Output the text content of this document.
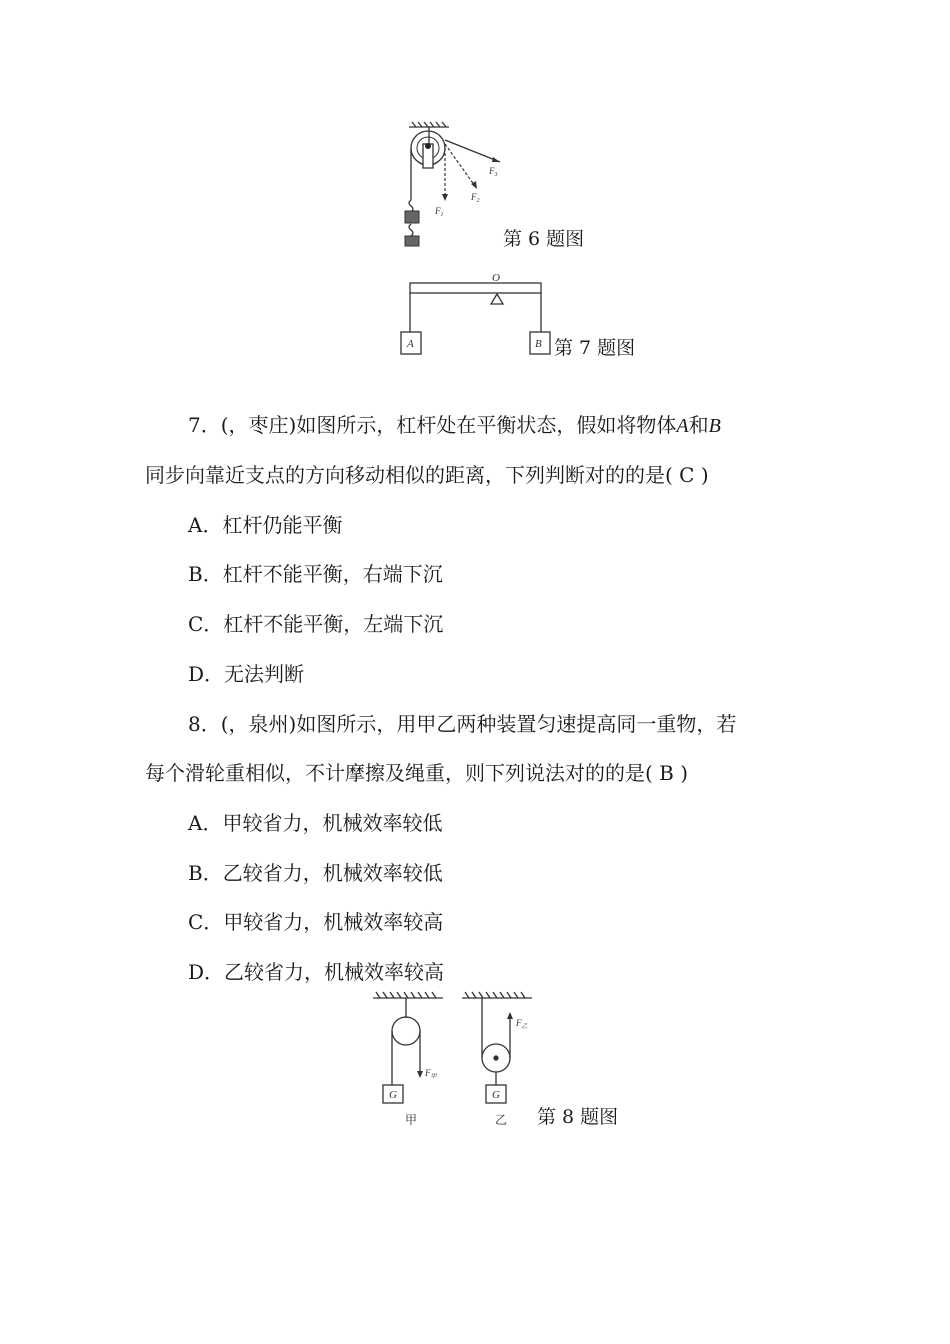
$F_1$
$F_2$
$F_3$
第 6 题图
O
A	B 第 7 题图
7．(，枣庄)如图所示，杠杆处在平衡状态，假如将物体A和B
同步向靠近支点的方向移动相似的距离，下列判断对的的是( C )
A．杠杆仍能平衡
B．杠杆不能平衡，右端下沉
C．杠杆不能平衡，左端下沉
D．无法判断
8．(，泉州)如图所示，用甲乙两种装置匀速提高同一重物，若
每个滑轮重相似，不计摩擦及绳重，则下列说法对的的是( B )
A．甲较省力，机械效率较低
B．乙较省力，机械效率较低
C．甲较省力，机械效率较高
D．乙较省力，机械效率较高
G	G
$F_甲$
$F_乙$
甲	乙 第 8 题图
